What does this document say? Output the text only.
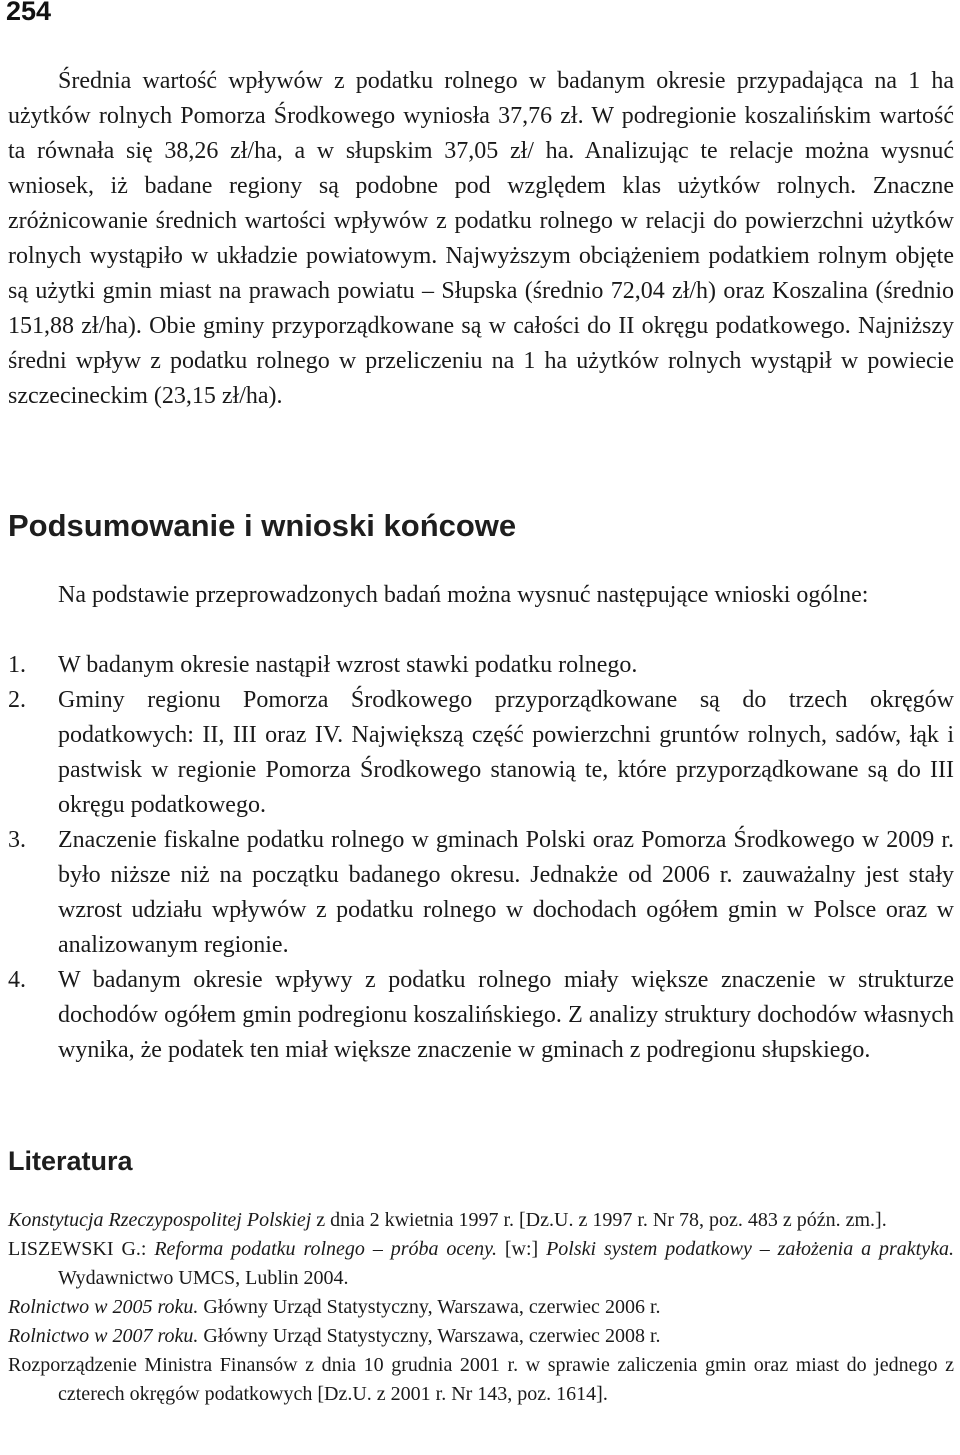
254

Średnia wartość wpływów z podatku rolnego w badanym okresie przypadająca na 1 ha użytków rolnych Pomorza Środkowego wyniosła 37,76 zł. W podregionie koszalińskim wartość ta równała się 38,26 zł/ha, a w słupskim 37,05 zł/ ha. Analizując te relacje można wysnuć wniosek, iż badane regiony są podobne pod względem klas użytków rolnych. Znaczne zróżnicowanie średnich wartości wpływów z podatku rolnego w relacji do powierzchni użytków rolnych wystąpiło w układzie powiatowym. Najwyższym obciążeniem podatkiem rolnym objęte są użytki gmin miast na prawach powiatu – Słupska (średnio 72,04 zł/h) oraz Koszalina (średnio 151,88 zł/ha). Obie gminy przyporządkowane są w całości do II okręgu podatkowego. Najniższy średni wpływ z podatku rolnego w przeliczeniu na 1 ha użytków rolnych wystąpił w powiecie szczecineckim (23,15 zł/ha).

Podsumowanie i wnioski końcowe

Na podstawie przeprowadzonych badań można wysnuć następujące wnioski ogólne:

1. W badanym okresie nastąpił wzrost stawki podatku rolnego.
2. Gminy regionu Pomorza Środkowego przyporządkowane są do trzech okręgów podatkowych: II, III oraz IV. Największą część powierzchni gruntów rolnych, sadów, łąk i pastwisk w regionie Pomorza Środkowego stanowią te, które przyporządkowane są do III okręgu podatkowego.
3. Znaczenie fiskalne podatku rolnego w gminach Polski oraz Pomorza Środkowego w 2009 r. było niższe niż na początku badanego okresu. Jednakże od 2006 r. zauważalny jest stały wzrost udziału wpływów z podatku rolnego w dochodach ogółem gmin w Polsce oraz w analizowanym regionie.
4. W badanym okresie wpływy z podatku rolnego miały większe znaczenie w strukturze dochodów ogółem gmin podregionu koszalińskiego. Z analizy struktury dochodów własnych wynika, że podatek ten miał większe znaczenie w gminach z podregionu słupskiego.
Literatura
Konstytucja Rzeczypospolitej Polskiej z dnia 2 kwietnia 1997 r. [Dz.U. z 1997 r. Nr 78, poz. 483 z późn. zm.].
LISZEWSKI G.: Reforma podatku rolnego – próba oceny. [w:] Polski system podatkowy – założenia a praktyka. Wydawnictwo UMCS, Lublin 2004.
Rolnictwo w 2005 roku. Główny Urząd Statystyczny, Warszawa, czerwiec 2006 r.
Rolnictwo w 2007 roku. Główny Urząd Statystyczny, Warszawa, czerwiec 2008 r.
Rozporządzenie Ministra Finansów z dnia 10 grudnia 2001 r. w sprawie zaliczenia gmin oraz miast do jednego z czterech okręgów podatkowych [Dz.U. z 2001 r. Nr 143, poz. 1614].
